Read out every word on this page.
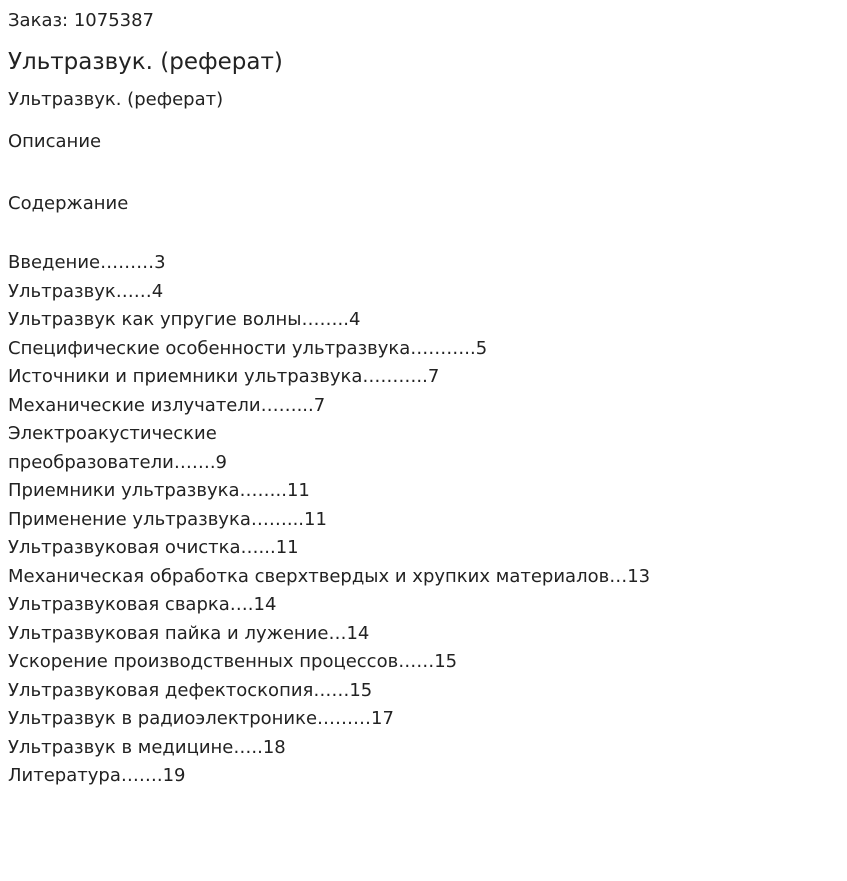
Заказ: 1075387
Ультразвук. (реферат)
Ультразвук. (реферат)
Описание
Содержание
Введение………3
Ультразвук……4
Ультразвук как упругие волны……..4
Специфические особенности ультразвука………..5
Источники и приемники ультразвука………..7
Механические излучатели……...7
Электроакустические
преобразователи…….9
Приемники ультразвука……..11
Применение ультразвука……...11
Ультразвуковая очистка…...11
Механическая обработка сверхтвердых и хрупких материалов…13
Ультразвуковая сварка….14
Ультразвуковая пайка и лужение…14
Ускорение производственных процессов……15
Ультразвуковая дефектоскопия……15
Ультразвук в радиоэлектронике………17
Ультразвук в медицине…..18
Литература…….19
